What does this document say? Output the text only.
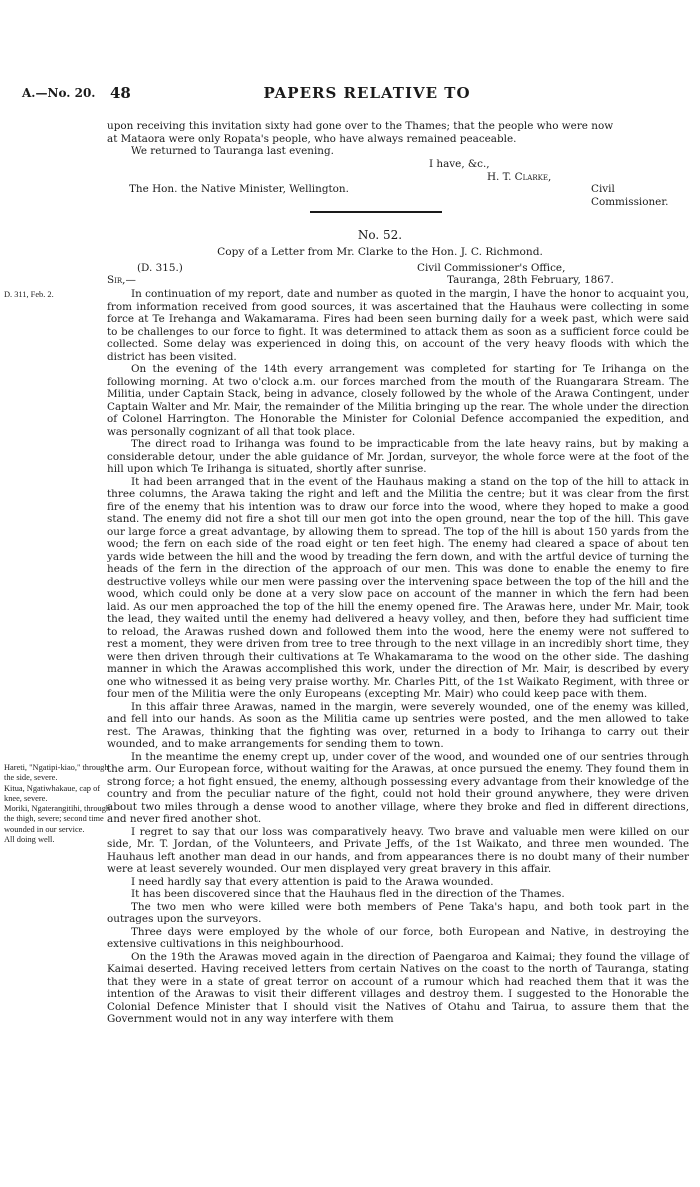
A.—No. 20. 48	PAPERS RELATIVE TO

upon receiving this invitation sixty had gone over to the Thames; that the people who were now

at Mataora were only Ropata's people, who have always remained peaceable.

We returned to Tauranga last evening.

I have, &c.,
H. T. Clarke,
The Hon. the Native Minister, Wellington.	Civil Commissioner.
No. 52.
Copy of a Letter from Mr. Clarke to the Hon. J. C. Richmond.
(D. 315.)	Civil Commissioner's Office,
Sir,—	Tauranga, 28th February, 1867.
D. 311, Feb. 2.	In continuation of my report, date and number as quoted in the margin, I have the honor to acquaint you, from information received from good sources, it was ascertained that the Hauhaus were collecting in some force at Te Irehanga and Wakamarama. Fires had been seen burning daily for a week past, which were said to be challenges to our force to fight. It was determined to attack them as soon as a sufficient force could be collected. Some delay was experienced in doing this, on account of the very heavy floods with which the district has been visited.

On the evening of the 14th every arrangement was completed for starting for Te Irihanga on the following morning. At two o'clock a.m. our forces marched from the mouth of the Ruangarara Stream. The Militia, under Captain Stack, being in advance, closely followed by the whole of the Arawa Contingent, under Captain Walter and Mr. Mair, the remainder of the Militia bringing up the rear. The whole under the direction of Colonel Harrington. The Honorable the Minister for Colonial Defence accompanied the expedition, and was personally cognizant of all that took place.

The direct road to Irihanga was found to be impracticable from the late heavy rains, but by making a considerable detour, under the able guidance of Mr. Jordan, surveyor, the whole force were at the foot of the hill upon which Te Irihanga is situated, shortly after sunrise.

It had been arranged that in the event of the Hauhaus making a stand on the top of the hill to attack in three columns, the Arawa taking the right and left and the Militia the centre; but it was clear from the first fire of the enemy that his intention was to draw our force into the wood, where they hoped to make a good stand. The enemy did not fire a shot till our men got into the open ground, near the top of the hill. This gave our large force a great advantage, by allowing them to spread. The top of the hill is about 150 yards from the wood; the fern on each side of the road eight or ten feet high. The enemy had cleared a space of about ten yards wide between the hill and the wood by treading the fern down, and with the artful device of turning the heads of the fern in the direction of the approach of our men. This was done to enable the enemy to fire destructive volleys while our men were passing over the intervening space between the top of the hill and the wood, which could only be done at a very slow pace on account of the manner in which the fern had been laid. As our men approached the top of the hill the enemy opened fire. The Arawas here, under Mr. Mair, took the lead, they waited until the enemy had delivered a heavy volley, and then, before they had sufficient time to reload, the Arawas rushed down and followed them into the wood, here the enemy were not suffered to rest a moment, they were driven from tree to tree through to the next village in an incredibly short time, they were then driven through their cultivations at Te Whakamarama to the wood on the other side. The dashing manner in which the Arawas accomplished this work, under the direction of Mr. Mair, is described by every one who witnessed it as being very praise worthy. Mr. Charles Pitt, of the 1st Waikato Regiment, with three or four men of the Militia were the only Europeans (excepting Mr. Mair) who could keep pace with them.

In this affair three Arawas, named in the margin, were severely wounded, one of the enemy was killed, and fell into our hands. As soon as the Militia came up sentries were posted, and the men allowed to take rest. The Arawas, thinking that the fighting was over, returned in a body to Irihanga to carry out their wounded, and to make arrangements for sending them to town.

In the meantime the enemy crept up, under cover of the wood, and wounded one of our sentries through the arm. Our European force, without waiting for the Arawas, at once pursued the enemy. They found them in strong force; a hot fight ensued, the enemy, although possessing every advantage from their knowledge of the country and from the peculiar nature of the fight, could not hold their ground anywhere, they were driven about two miles through a dense wood to another village, where they broke and fled in different directions, and never fired another shot.

I regret to say that our loss was comparatively heavy. Two brave and valuable men were killed on our side, Mr. T. Jordan, of the Volunteers, and Private Jeffs, of the 1st Waikato, and three men wounded. The Hauhaus left another man dead in our hands, and from appearances there is no doubt many of their number were at least severely wounded. Our men displayed very great bravery in this affair.

I need hardly say that every attention is paid to the Arawa wounded.

It has been discovered since that the Hauhaus fled in the direction of the Thames.

The two men who were killed were both members of Pene Taka's hapu, and both took part in the outrages upon the surveyors.

Three days were employed by the whole of our force, both European and Native, in destroying the extensive cultivations in this neighbourhood.

On the 19th the Arawas moved again in the direction of Paengaroa and Kaimai; they found the village of Kaimai deserted. Having received letters from certain Natives on the coast to the north of Tauranga, stating that they were in a state of great terror on account of a rumour which had reached them that it was the intention of the Arawas to visit their different villages and destroy them. I suggested to the Honorable the Colonial Defence Minister that I should visit the Natives of Otahu and Tairua, to assure them that the Government would not in any way interfere with them

Hareti, "Ngatipi-kiao," through the side, severe.
Kitua, Ngatiwhakaue, cap of knee, severe.
Moriki, Ngaterangitihi, through the thigh, severe; second time wounded in our service.
All doing well.
